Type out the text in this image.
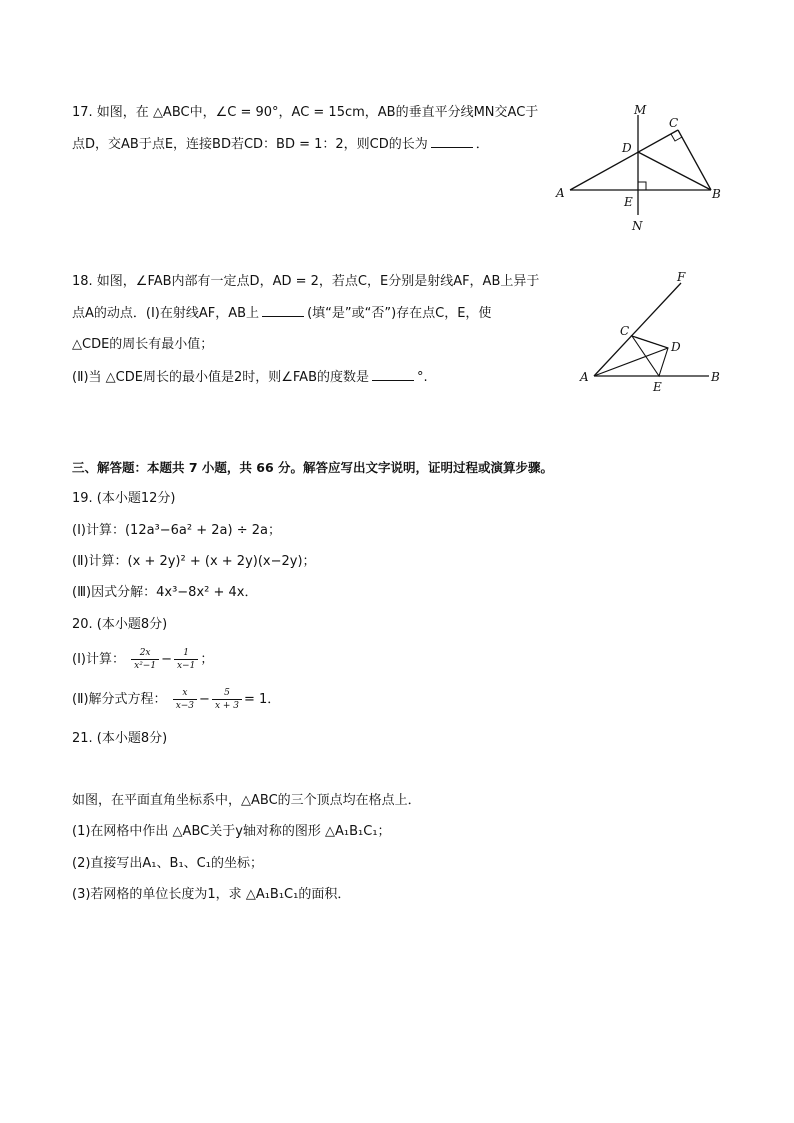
17. 如图，在 △ABC中，∠C = 90°，AC = 15cm，AB的垂直平分线MN交AC于
点D，交AB于点E，连接BD若CD：BD = 1：2，则CD的长为	．
M
C
D
A	B
E
N
18. 如图，∠FAB内部有一定点D，AD = 2，若点C，E分别是射线AF，AB上异于
点A的动点．(Ⅰ)在射线AF，AB上	(填“是”或“否”)存在点C，E，使
△CDE的周长有最小值；
(Ⅱ)当 △CDE周长的最小值是2时，则∠FAB的度数是	°.
F
C
D
A
E
B
三、解答题：本题共 7 小题，共 66 分。解答应写出文字说明，证明过程或演算步骤。
19. (本小题12分)
(Ⅰ)计算：(12a³−6a² + 2a) ÷ 2a；
(Ⅱ)计算：(x + 2y)² + (x + 2y)(x−2y)；
(Ⅲ)因式分解：4x³−8x² + 4x．
20. (本小题8分)
(Ⅰ)计算： $\frac{2x}{\text{x²−1}} - \frac{1}{x-1}$ ；
(Ⅱ)解分式方程： $\frac{x}{x-3} - \frac{5}{x + 3} = 1$．
21. (本小题8分)
如图，在平面直角坐标系中，△ABC的三个顶点均在格点上．
(1)在网格中作出 △ABC关于y轴对称的图形 △A₁B₁C₁；
(2)直接写出A₁、B₁、C₁的坐标；
(3)若网格的单位长度为1，求 △A₁B₁C₁的面积．
